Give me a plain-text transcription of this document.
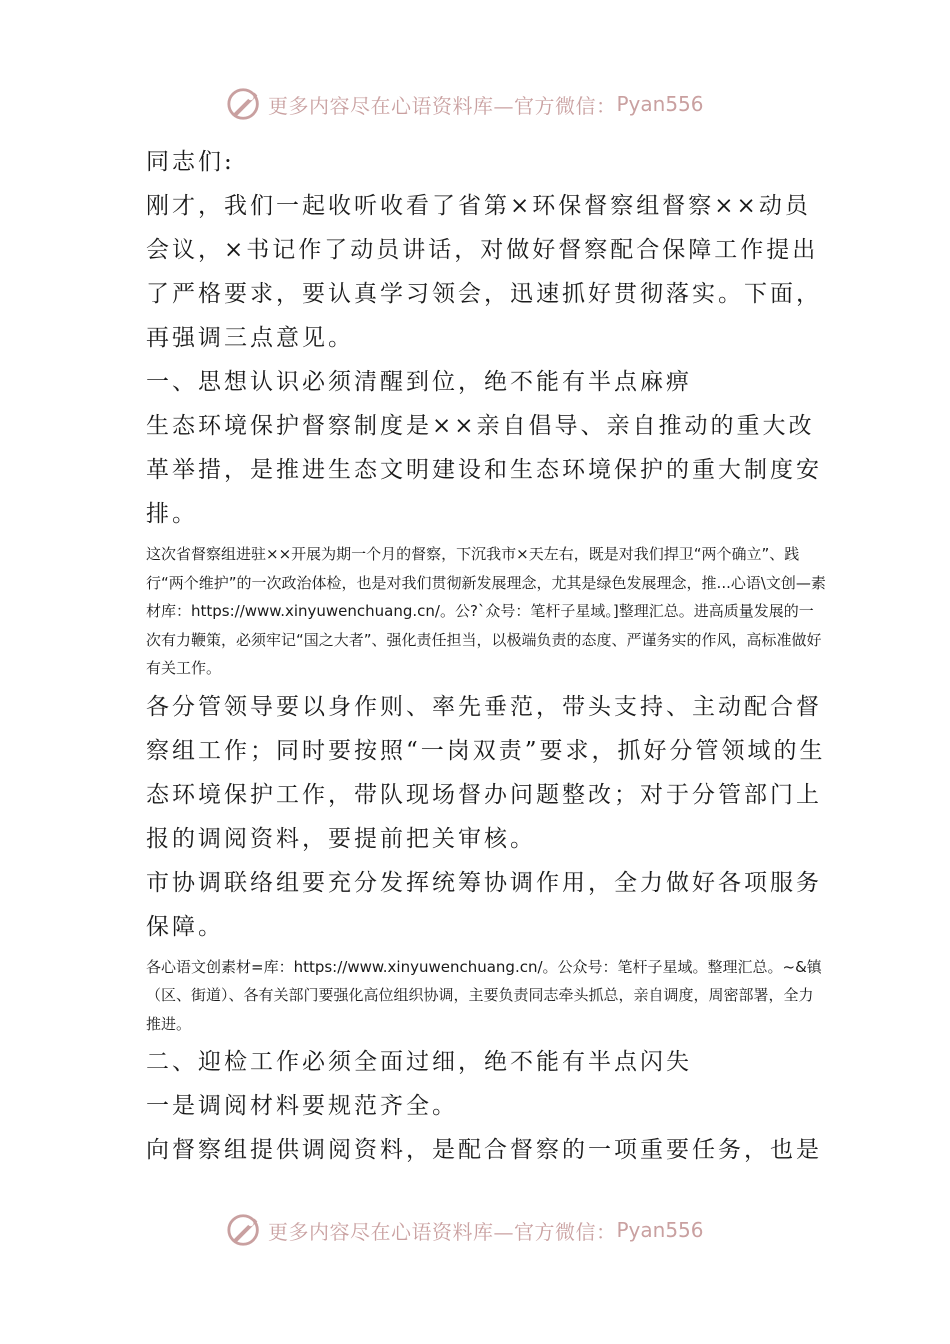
更多内容尽在心语资料库—官方微信： Pyan556

同志们:

刚才，我们一起收听收看了省第×环保督察组督察××动员会议，×书记作了动员讲话，对做好督察配合保障工作提出了严格要求，要认真学习领会，迅速抓好贯彻落实。下面，再强调三点意见。

一、思想认识必须清醒到位，绝不能有半点麻痹

生态环境保护督察制度是××亲自倡导、亲自推动的重大改革举措，是推进生态文明建设和生态环境保护的重大制度安排。

这次省督察组进驻××开展为期一个月的督察，下沉我市×天左右，既是对我们捍卫“两个确立”、践行“两个维护”的一次政治体检，也是对我们贯彻新发展理念，尤其是绿色发展理念，推...心语\文创—素材库：https://www.xinyuwenchuang.cn/。公?`众号：笔杆子星域。]整理汇总。进高质量发展的一次有力鞭策，必须牢记“国之大者”、强化责任担当，以极端负责的态度、严谨务实的作风，高标准做好有关工作。

各分管领导要以身作则、率先垂范，带头支持、主动配合督察组工作；同时要按照“一岗双责”要求，抓好分管领域的生态环境保护工作，带队现场督办问题整改；对于分管部门上报的调阅资料，要提前把关审核。

市协调联络组要充分发挥统筹协调作用，全力做好各项服务保障。

各心语文创素材=库：https://www.xinyuwenchuang.cn/。公众号：笔杆子星域。整理汇总。~&镇（区、街道）、各有关部门要强化高位组织协调，主要负责同志牵头抓总，亲自调度，周密部署，全力推进。

二、迎检工作必须全面过细，绝不能有半点闪失

一是调阅材料要规范齐全。

向督察组提供调阅资料，是配合督察的一项重要任务，也是

更多内容尽在心语资料库—官方微信： Pyan556
